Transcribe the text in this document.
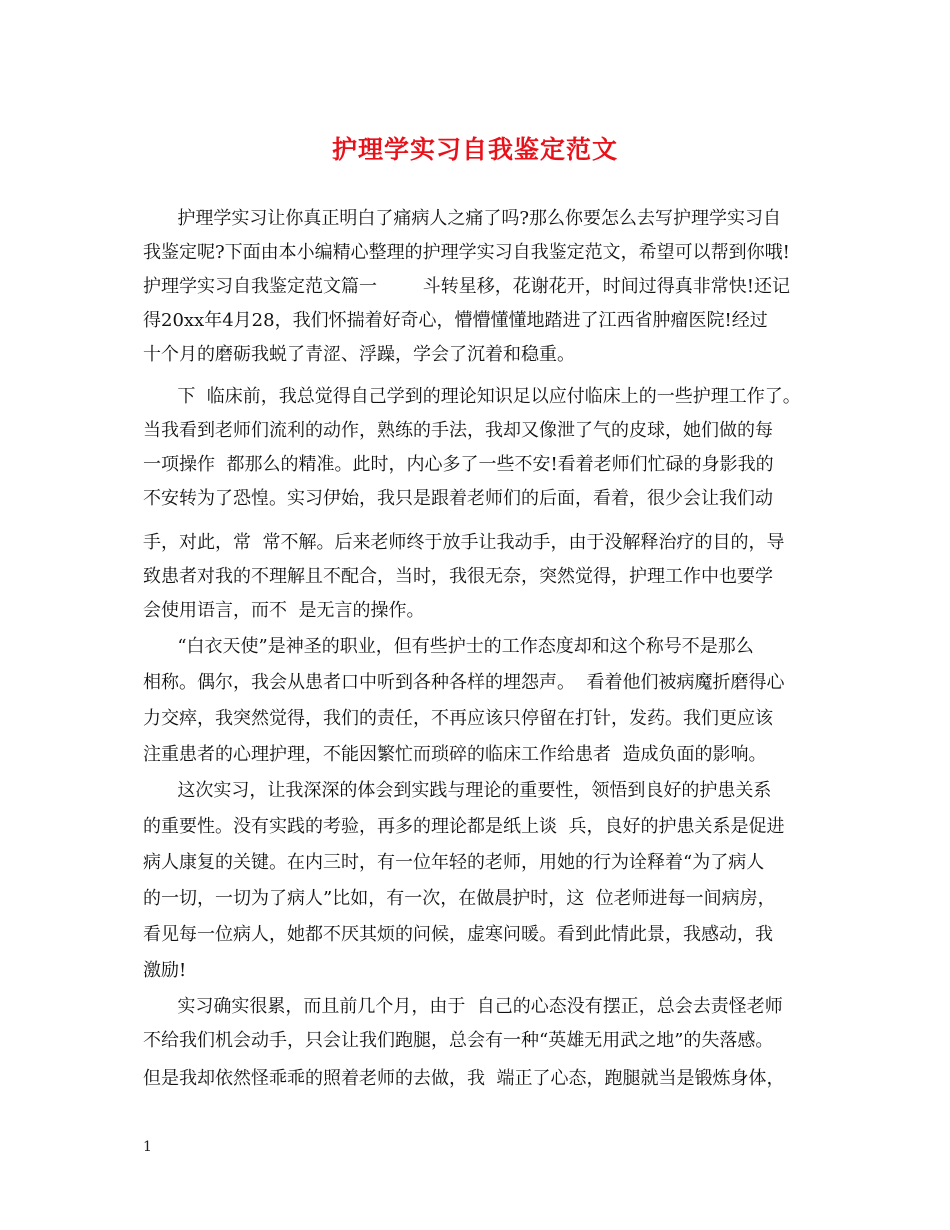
护理学实习自我鉴定范文
护理学实习让你真正明白了痛病人之痛了吗?那么你要怎么去写护理学实习自
我鉴定呢?下面由本小编精心整理的护理学实习自我鉴定范文，希望可以帮到你哦!
护理学实习自我鉴定范文篇一        斗转星移，花谢花开，时间过得真非常快!还记
得20xx年4月28，我们怀揣着好奇心，懵懵懂懂地踏进了江西省肿瘤医院!经过
十个月的磨砺我蜕了青涩、浮躁，学会了沉着和稳重。
下  临床前，我总觉得自己学到的理论知识足以应付临床上的一些护理工作了。
当我看到老师们流利的动作，熟练的手法，我却又像泄了气的皮球，她们做的每
一项操作  都那么的精准。此时，内心多了一些不安!看着老师们忙碌的身影我的
不安转为了恐惶。实习伊始，我只是跟着老师们的后面，看着，很少会让我们动
手，对此，常  常不解。后来老师终于放手让我动手，由于没解释治疗的目的，导
致患者对我的不理解且不配合，当时，我很无奈，突然觉得，护理工作中也要学
会使用语言，而不  是无言的操作。
“白衣天使”是神圣的职业，但有些护士的工作态度却和这个称号不是那么
相称。偶尔，我会从患者口中听到各种各样的埋怨声。  看着他们被病魔折磨得心
力交瘁，我突然觉得，我们的责任，不再应该只停留在打针，发药。我们更应该
注重患者的心理护理，不能因繁忙而琐碎的临床工作给患者  造成负面的影响。
这次实习，让我深深的体会到实践与理论的重要性，领悟到良好的护患关系
的重要性。没有实践的考验，再多的理论都是纸上谈  兵，良好的护患关系是促进
病人康复的关键。在内三时，有一位年轻的老师，用她的行为诠释着“为了病人
的一切，一切为了病人”比如，有一次，在做晨护时，这  位老师进每一间病房，
看见每一位病人，她都不厌其烦的问候，虚寒问暖。看到此情此景，我感动，我
激励!
实习确实很累，而且前几个月，由于  自己的心态没有摆正，总会去责怪老师
不给我们机会动手，只会让我们跑腿，总会有一种“英雄无用武之地”的失落感。
但是我却依然怪乖乖的照着老师的去做，我  端正了心态，跑腿就当是锻炼身体，
1
